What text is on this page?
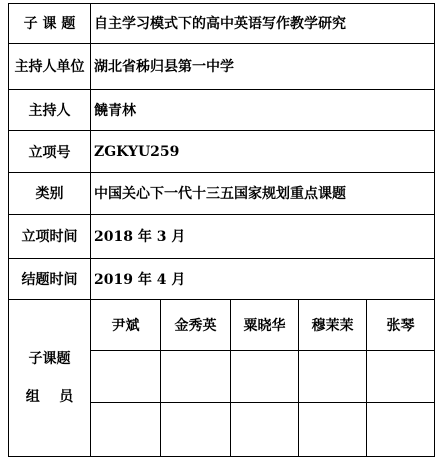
子 课 题	自主学习模式下的高中英语写作教学研究				
主持人单位	湖北省秭归县第一中学				
主持人	饒青林				
立项号	ZGKYU259				
类别	中国关心下一代十三五国家规划重点课题				
立项时间	2018 年 3 月				
结题时间	2019 年 4 月				

子课题
组    员	尹斌	金秀英	粟晓华	穆茉茉	张琴
